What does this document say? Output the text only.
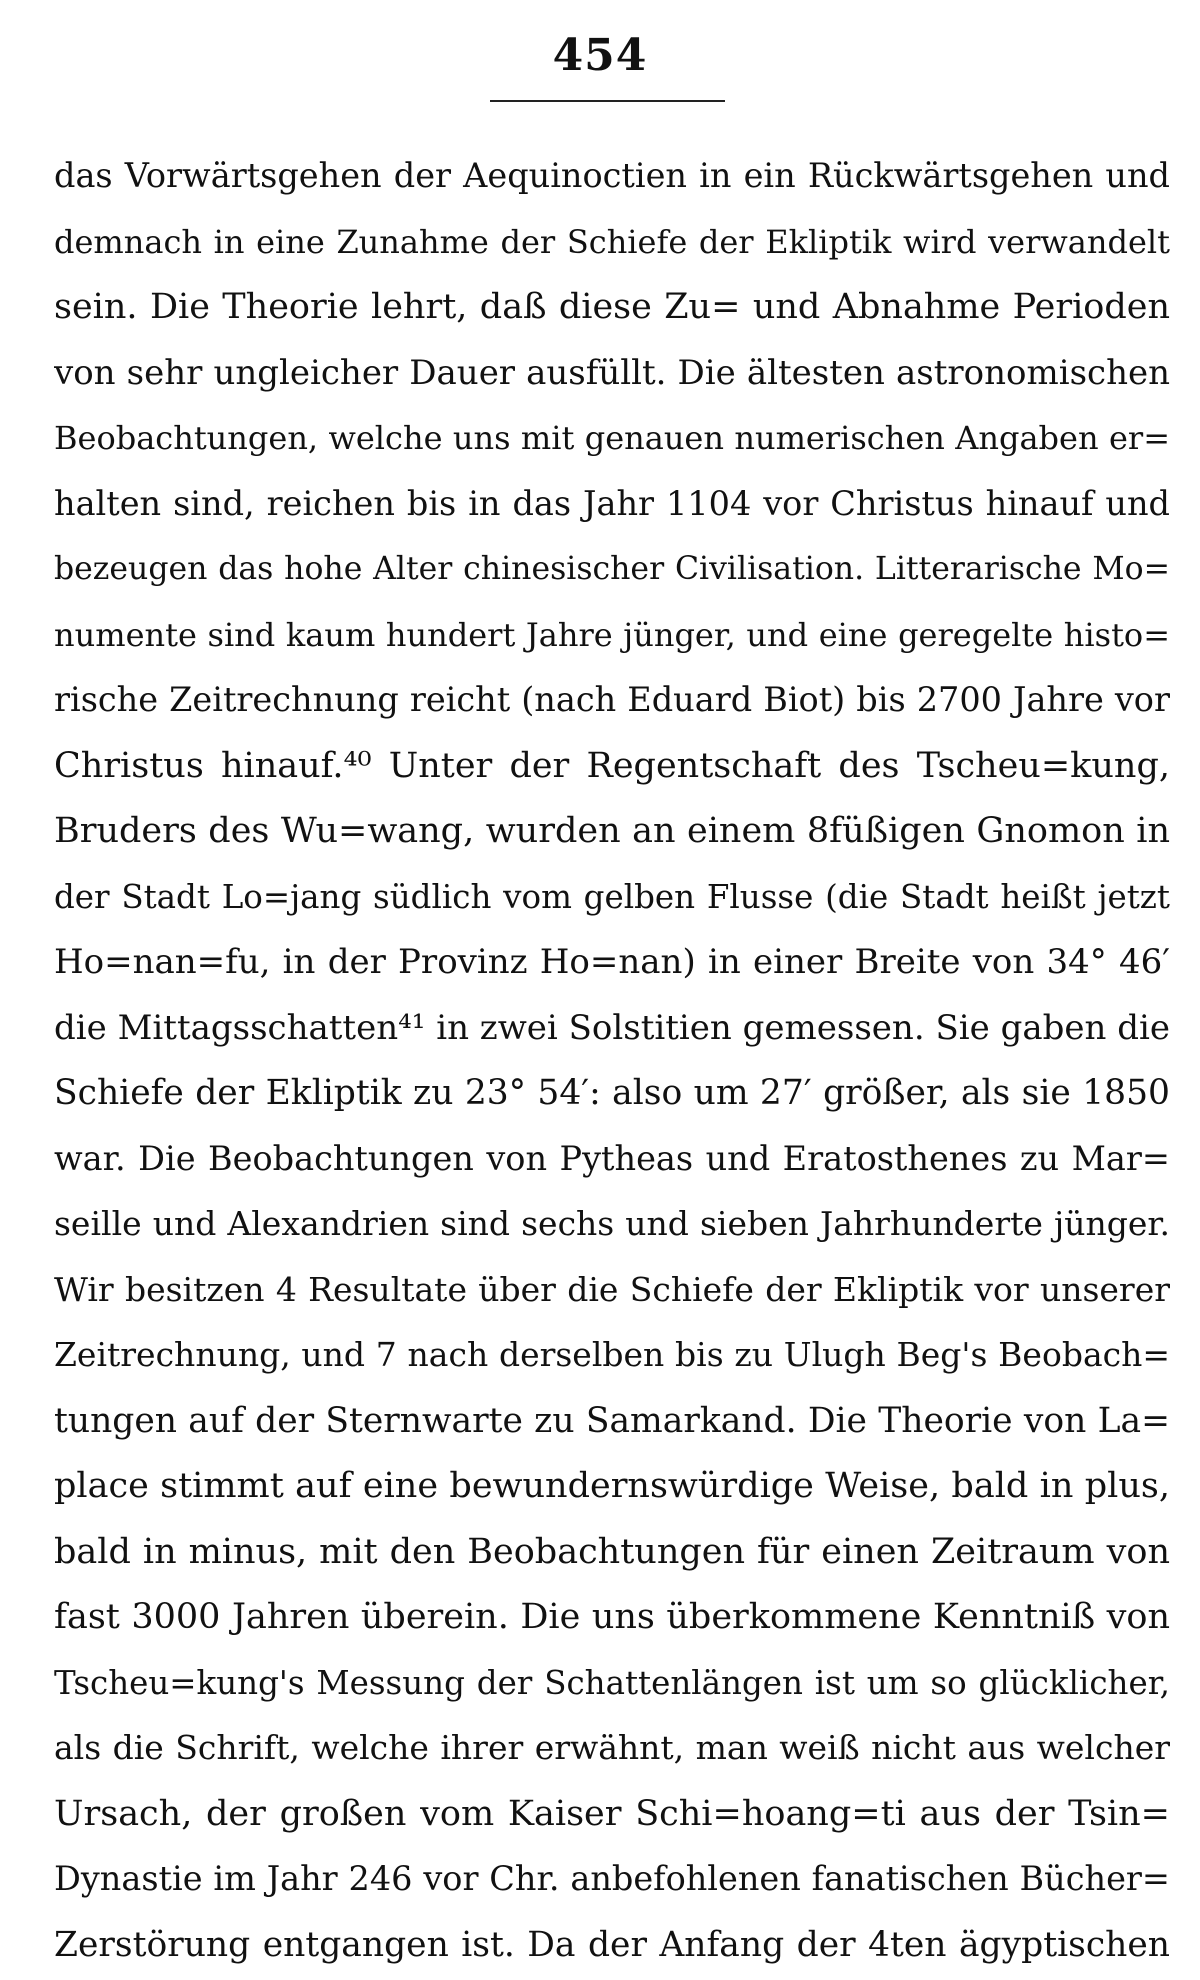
454
das Vorwärtsgehen der Aequinoctien in ein Rückwärtsgehen und
demnach in eine Zunahme der Schiefe der Ekliptik wird verwandelt
sein. Die Theorie lehrt, daß diese Zu= und Abnahme Perioden
von sehr ungleicher Dauer ausfüllt. Die ältesten astronomischen
Beobachtungen, welche uns mit genauen numerischen Angaben er=
halten sind, reichen bis in das Jahr 1104 vor Christus hinauf und
bezeugen das hohe Alter chinesischer Civilisation. Litterarische Mo=
numente sind kaum hundert Jahre jünger, und eine geregelte histo=
rische Zeitrechnung reicht (nach Eduard Biot) bis 2700 Jahre vor
Christus hinauf.⁴⁰ Unter der Regentschaft des Tscheu=kung,
Bruders des Wu=wang, wurden an einem 8füßigen Gnomon in
der Stadt Lo=jang südlich vom gelben Flusse (die Stadt heißt jetzt
Ho=nan=fu, in der Provinz Ho=nan) in einer Breite von 34° 46′
die Mittagsschatten⁴¹ in zwei Solstitien gemessen. Sie gaben die
Schiefe der Ekliptik zu 23° 54′: also um 27′ größer, als sie 1850
war. Die Beobachtungen von Pytheas und Eratosthenes zu Mar=
seille und Alexandrien sind sechs und sieben Jahrhunderte jünger.
Wir besitzen 4 Resultate über die Schiefe der Ekliptik vor unserer
Zeitrechnung, und 7 nach derselben bis zu Ulugh Beg's Beobach=
tungen auf der Sternwarte zu Samarkand. Die Theorie von La=
place stimmt auf eine bewundernswürdige Weise, bald in plus,
bald in minus, mit den Beobachtungen für einen Zeitraum von
fast 3000 Jahren überein. Die uns überkommene Kenntniß von
Tscheu=kung's Messung der Schattenlängen ist um so glücklicher,
als die Schrift, welche ihrer erwähnt, man weiß nicht aus welcher
Ursach, der großen vom Kaiser Schi=hoang=ti aus der Tsin=
Dynastie im Jahr 246 vor Chr. anbefohlenen fanatischen Bücher=
Zerstörung entgangen ist. Da der Anfang der 4ten ägyptischen
